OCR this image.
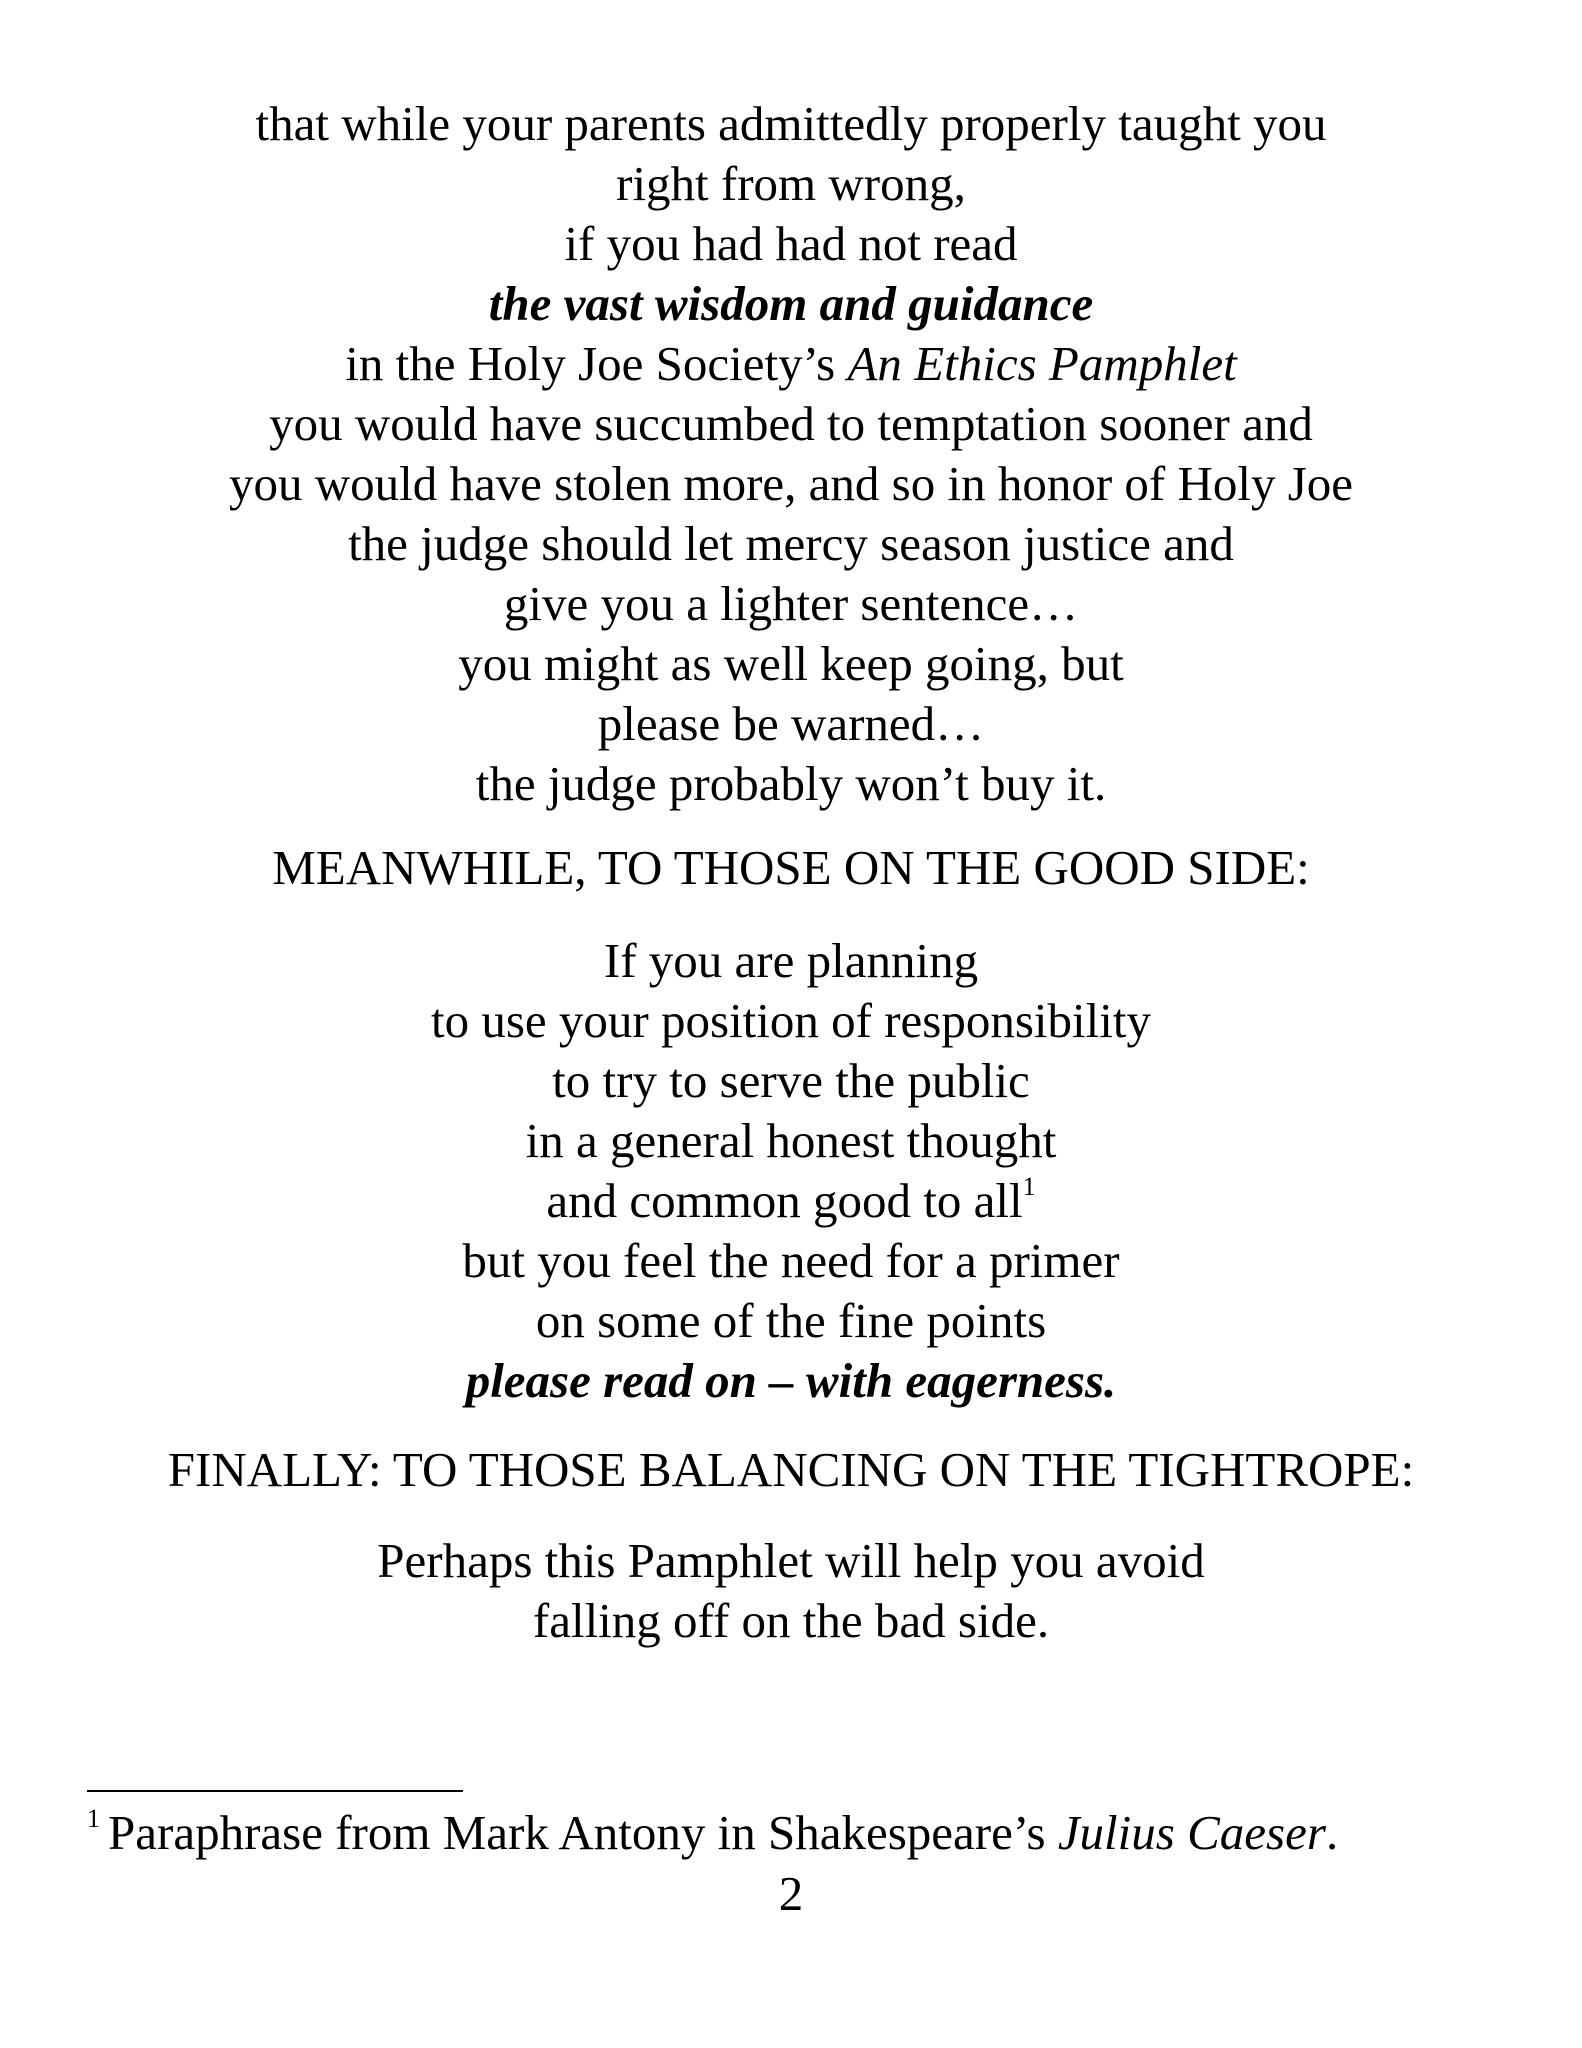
that while your parents admittedly properly taught you
right from wrong,
if you had had not read
the vast wisdom and guidance
in the Holy Joe Society’s An Ethics Pamphlet
you would have succumbed to temptation sooner and
you would have stolen more, and so in honor of Holy Joe
the judge should let mercy season justice and
give you a lighter sentence…
you might as well keep going, but
please be warned…
the judge probably won’t buy it.
MEANWHILE, TO THOSE ON THE GOOD SIDE:
If you are planning
to use your position of responsibility
to try to serve the public
in a general honest thought
and common good to all$^1$
but you feel the need for a primer
on some of the fine points
please read on – with eagerness.
FINALLY: TO THOSE BALANCING ON THE TIGHTROPE:
Perhaps this Pamphlet will help you avoid
falling off on the bad side.
$^1$ Paraphrase from Mark Antony in Shakespeare’s Julius Caeser.
2
